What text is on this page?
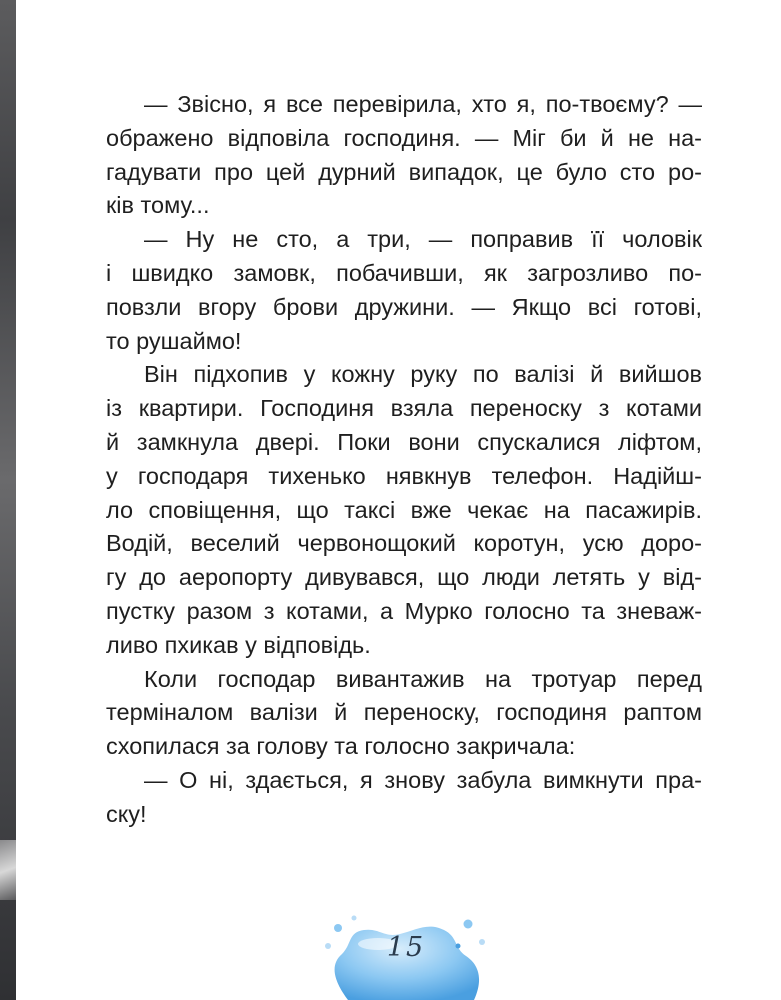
— Звісно, я все перевірила, хто я, по-твоєму? —
ображено відповіла господиня. — Міг би й не на-
гадувати про цей дурний випадок, це було сто ро-
ків тому...
— Ну не сто, а три, — поправив її чоловік
і швидко замовк, побачивши, як загрозливо по-
повзли вгору брови дружини. — Якщо всі готові,
то рушаймо!
Він підхопив у кожну руку по валізі й вийшов
із квартири. Господиня взяла переноску з котами
й замкнула двері. Поки вони спускалися ліфтом,
у господаря тихенько нявкнув телефон. Надійш-
ло сповіщення, що таксі вже чекає на пасажирів.
Водій, веселий червонощокий коротун, усю доро-
гу до аеропорту дивувався, що люди летять у від-
пустку разом з котами, а Мурко голосно та зневаж-
ливо пхикав у відповідь.
Коли господар вивантажив на тротуар перед
терміналом валізи й переноску, господиня раптом
схопилася за голову та голосно закричала:
— О ні, здається, я знову забула вимкнути пра-
ску!
15
